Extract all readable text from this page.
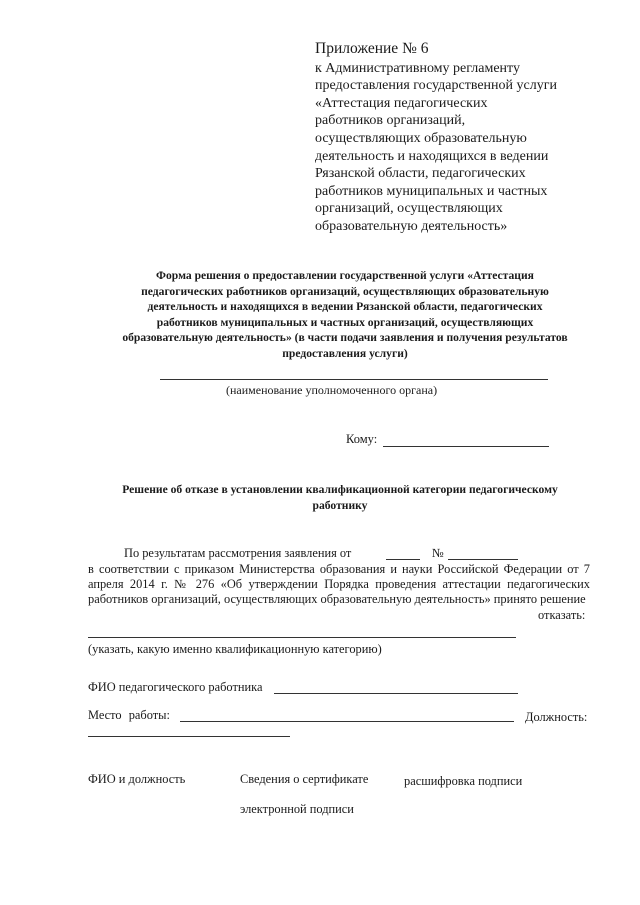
Приложение № 6
к Административному регламенту
предоставления государственной услуги
«Аттестация педагогических
работников организаций,
осуществляющих образовательную
деятельность и находящихся в ведении
Рязанской области, педагогических
работников муниципальных и частных
организаций, осуществляющих
образовательную деятельность»
Форма решения о предоставлении государственной услуги «Аттестация
педагогических работников организаций, осуществляющих образовательную
деятельность и находящихся в ведении Рязанской области, педагогических
работников муниципальных и частных организаций, осуществляющих
образовательную деятельность» (в части подачи заявления и получения результатов
предоставления услуги)
(наименование уполномоченного органа)
Кому:
Решение об отказе в установлении квалификационной категории педагогическому
работнику
По результатам рассмотрения заявления от	№
в соответствии с приказом Министерства образования и науки Российской Федерации от 7 апреля 2014 г. № 276 «Об утверждении Порядка проведения аттестации педагогических работников организаций, осуществляющих образовательную деятельность» принято решение
отказать:
(указать, какую именно квалификационную категорию)
ФИО педагогического работника
Место работы:	Должность:
ФИО и должность	Сведения о сертификате	расшифровка подписи
электронной подписи
